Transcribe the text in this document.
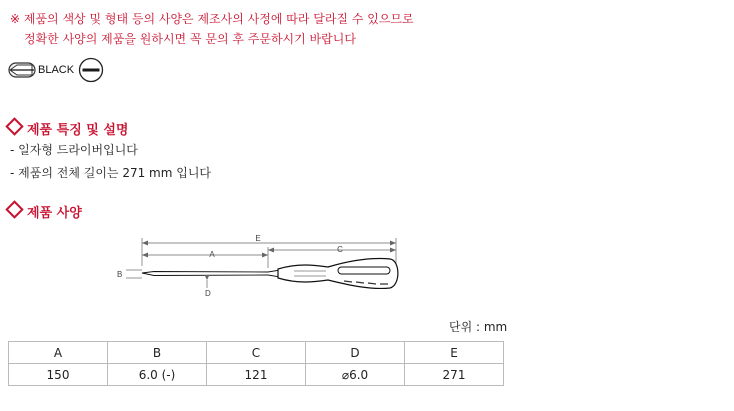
※ 제품의 색상 및 형태 등의 사양은 제조사의 사정에 따라 달라질 수 있으므로
정확한 사양의 제품을 원하시면 꼭 문의 후 주문하시기 바랍니다
BLACK
제품 특징 및 설명
- 일자형 드라이버입니다
- 제품의 전체 길이는 271 mm 입니다
제품 사양
E
A
C
B
D
단위 : mm
A	B	C	D	E
150	6.0 (-)	121	⌀6.0	271
